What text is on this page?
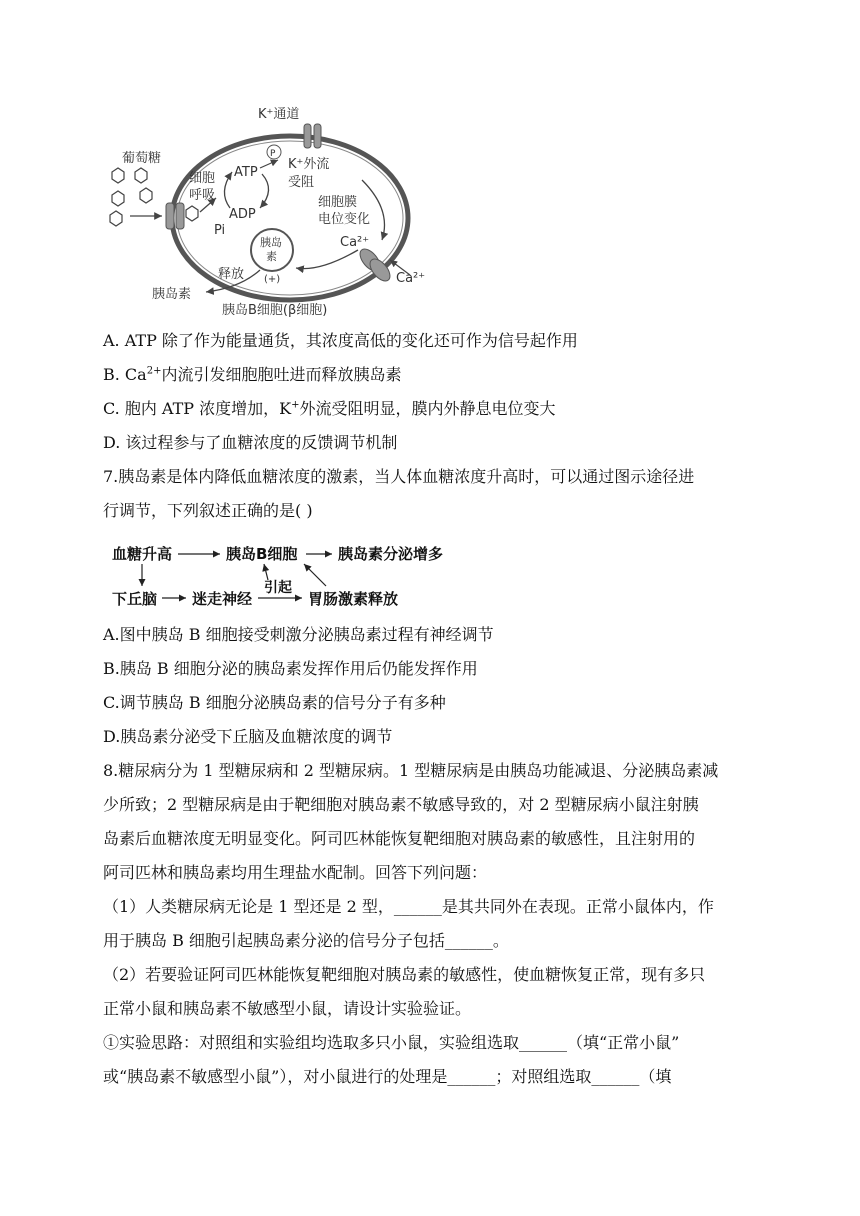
K⁺通道
P
葡萄糖
细胞
呼吸
ATP
ADP
Pi
K⁺外流
受阻
细胞膜
电位变化
胰岛
素
(+)
Ca²⁺
Ca²⁺
释放
胰岛素
胰岛B细胞(β细胞)
A. ATP 除了作为能量通货，其浓度高低的变化还可作为信号起作用
B. $Ca^{2+}$内流引发细胞胞吐进而释放胰岛素
C. 胞内 ATP 浓度增加，K+外流受阻明显，膜内外静息电位变大
D. 该过程参与了血糖浓度的反馈调节机制
7.胰岛素是体内降低血糖浓度的激素，当人体血糖浓度升高时，可以通过图示途径进
行调节，下列叙述正确的是( )
血糖升高	胰岛B细胞	胰岛素分泌增多
下丘脑 迷走神经
引起
胃肠激素释放
A.图中胰岛 B 细胞接受刺激分泌胰岛素过程有神经调节
B.胰岛 B 细胞分泌的胰岛素发挥作用后仍能发挥作用
C.调节胰岛 B 细胞分泌胰岛素的信号分子有多种
D.胰岛素分泌受下丘脑及血糖浓度的调节
8.糖尿病分为 1 型糖尿病和 2 型糖尿病。1 型糖尿病是由胰岛功能减退、分泌胰岛素减
少所致；2 型糖尿病是由于靶细胞对胰岛素不敏感导致的，对 2 型糖尿病小鼠注射胰
岛素后血糖浓度无明显变化。阿司匹林能恢复靶细胞对胰岛素的敏感性，且注射用的
阿司匹林和胰岛素均用生理盐水配制。回答下列问题：
（1）人类糖尿病无论是 1 型还是 2 型，______是其共同外在表现。正常小鼠体内，作
用于胰岛 B 细胞引起胰岛素分泌的信号分子包括______。
（2）若要验证阿司匹林能恢复靶细胞对胰岛素的敏感性，使血糖恢复正常，现有多只
正常小鼠和胰岛素不敏感型小鼠，请设计实验验证。
①实验思路：对照组和实验组均选取多只小鼠，实验组选取______（填“正常小鼠”
或“胰岛素不敏感型小鼠”），对小鼠进行的处理是______；对照组选取______（填
